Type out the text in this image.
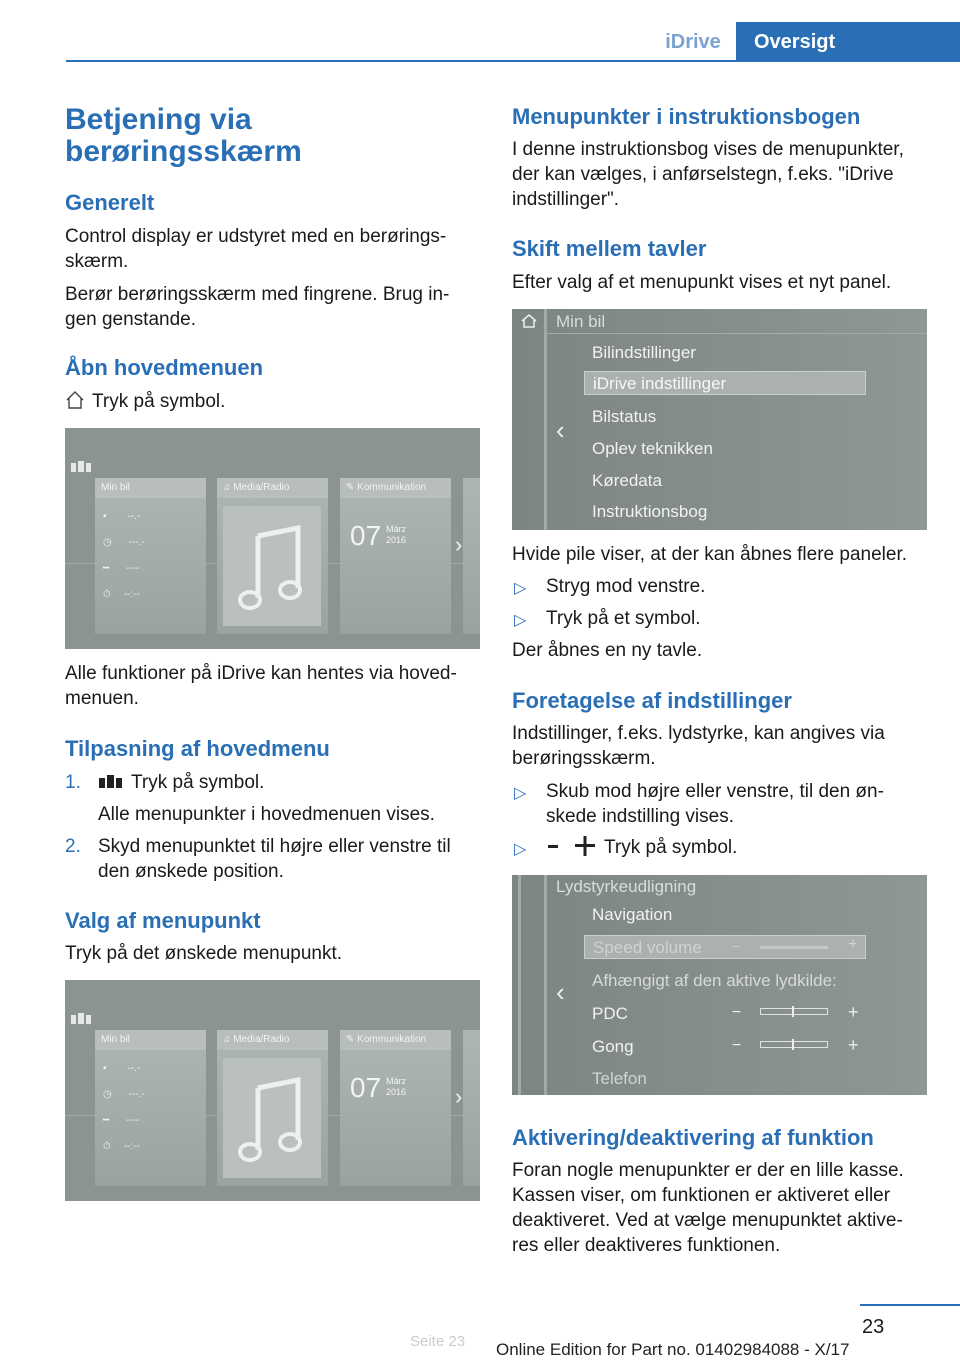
iDrive	Oversigt
Betjening via
berøringsskærm
Generelt
Control display er udstyret med en berørings‐
skærm.
Berør berøringsskærm med fingrene. Brug in‐
gen genstande.
Åbn hovedmenuen
Tryk på symbol.
Min bil
▪ --.-
◷ ---.-
━ ----
⏱ --:--
♫ Media/Radio	✎ Kommunikation
07 März
2016 ›
Alle funktioner på iDrive kan hentes via hoved‐
menuen.
Tilpasning af hovedmenu
1.	Tryk på symbol.
Alle menupunkter i hovedmenuen vises.
2. Skyd menupunktet til højre eller venstre til
den ønskede position.
Valg af menupunkt
Tryk på det ønskede menupunkt.
Min bil
▪ --.-
◷ ---.-
━ ----
⏱ --:--
♫ Media/Radio	✎ Kommunikation
07 März
2016 ›
Menupunkter i instruktionsbogen
I denne instruktionsbog vises de menupunkter,
der kan vælges, i anførselstegn, f.eks. "iDrive
indstillinger".
Skift mellem tavler
Efter valg af et menupunkt vises et nyt panel.
Min bil
‹
Bilindstillinger
iDrive indstillinger
Bilstatus
Oplev teknikken
Køredata
Instruktionsbog
Hvide pile viser, at der kan åbnes flere paneler.
▷ Stryg mod venstre.
▷ Tryk på et symbol.
Der åbnes en ny tavle.
Foretagelse af indstillinger
Indstillinger, f.eks. lydstyrke, kan angives via
berøringsskærm.
▷ Skub mod højre eller venstre, til den øn‐
skede indstilling vises.
▷	Tryk på symbol.
Lydstyrkeudligning
‹
Navigation
Speed volume	−	+
Afhængigt af den aktive lydkilde:
PDC	−	+
Gong	−	+
Telefon
Aktivering/deaktivering af funktion
Foran nogle menupunkter er der en lille kasse.
Kassen viser, om funktionen er aktiveret eller
deaktiveret. Ved at vælge menupunktet aktive‐
res eller deaktiveres funktionen.
23
Seite 23 Online Edition for Part no. 01402984088 - X/17
